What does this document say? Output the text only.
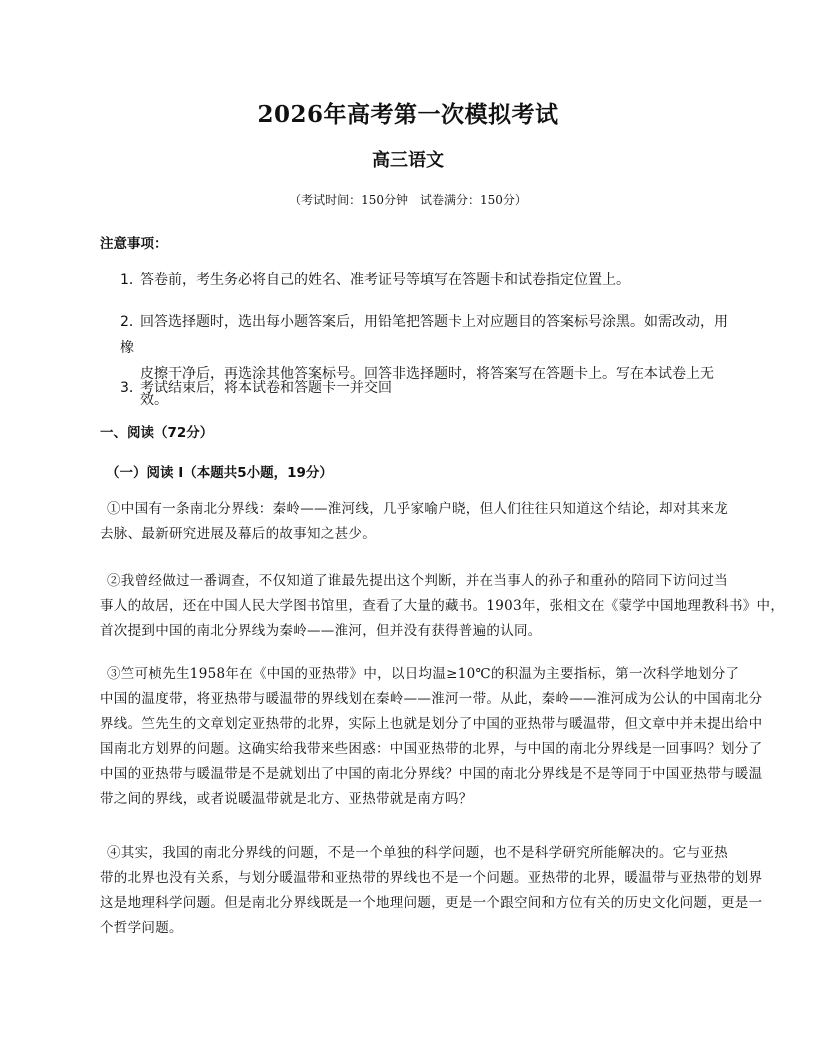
2026年高考第一次模拟考试
高三语文
（考试时间：150分钟　试卷满分：150分）
注意事项：
1．答卷前，考生务必将自己的姓名、准考证号等填写在答题卡和试卷指定位置上。
2．回答选择题时，选出每小题答案后，用铅笔把答题卡上对应题目的答案标号涂黑。如需改动，用橡
皮擦干净后，再选涂其他答案标号。回答非选择题时，将答案写在答题卡上。写在本试卷上无效。
3．考试结束后，将本试卷和答题卡一并交回
一、阅读（72分）
（一）阅读 I（本题共5小题，19分）
①中国有一条南北分界线：秦岭——淮河线，几乎家喻户晓，但人们往往只知道这个结论，却对其来龙
去脉、最新研究进展及幕后的故事知之甚少。
②我曾经做过一番调查，不仅知道了谁最先提出这个判断，并在当事人的孙子和重孙的陪同下访问过当
事人的故居，还在中国人民大学图书馆里，查看了大量的藏书。1903年，张相文在《蒙学中国地理教科书》中，
首次提到中国的南北分界线为秦岭——淮河，但并没有获得普遍的认同。
③竺可桢先生1958年在《中国的亚热带》中，以日均温≥10℃的积温为主要指标，第一次科学地划分了
中国的温度带，将亚热带与暖温带的界线划在秦岭——淮河一带。从此，秦岭——淮河成为公认的中国南北分
界线。竺先生的文章划定亚热带的北界，实际上也就是划分了中国的亚热带与暖温带，但文章中并未提出给中
国南北方划界的问题。这确实给我带来些困惑：中国亚热带的北界，与中国的南北分界线是一回事吗？划分了
中国的亚热带与暖温带是不是就划出了中国的南北分界线？中国的南北分界线是不是等同于中国亚热带与暖温
带之间的界线，或者说暖温带就是北方、亚热带就是南方吗？
④其实，我国的南北分界线的问题，不是一个单独的科学问题，也不是科学研究所能解决的。它与亚热
带的北界也没有关系，与划分暖温带和亚热带的界线也不是一个问题。亚热带的北界，暖温带与亚热带的划界
这是地理科学问题。但是南北分界线既是一个地理问题，更是一个跟空间和方位有关的历史文化问题，更是一
个哲学问题。
